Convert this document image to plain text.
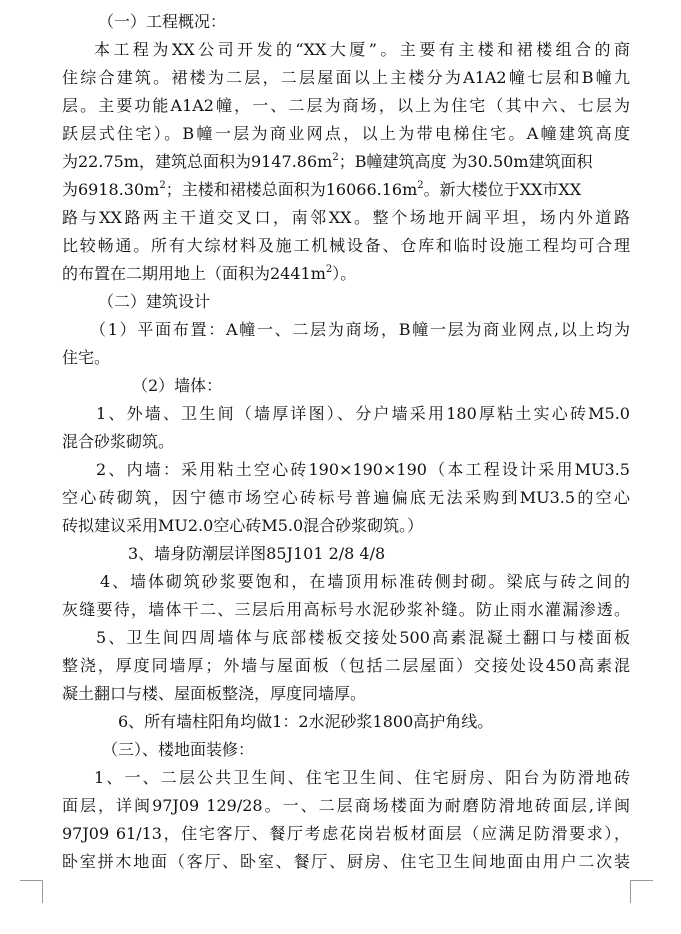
（一）工程概况：
本工程为XX公司开发的“XX大厦”。主要有主楼和裙楼组合的商
住综合建筑。裙楼为二层，二层屋面以上主楼分为A1A2幢七层和B幢九
层。主要功能A1A2幢，一、二层为商场，以上为住宅（其中六、七层为
跃层式住宅）。B幢一层为商业网点，以上为带电梯住宅。A幢建筑高度
为22.75m，建筑总面积为$9147.86m^2$；B幢建筑高度 为30.50m建筑面积
为$6918.30m^2$；主楼和裙楼总面积为$16066.16m^2$。新大楼位于XX市XX
路与XX路两主干道交叉口，南邻XX。整个场地开阔平坦，场内外道路
比较畅通。所有大综材料及施工机械设备、仓库和临时设施工程均可合理
的布置在二期用地上（面积为$2441m^2$）。
（二）建筑设计
（1）平面布置：A幢一、二层为商场，B幢一层为商业网点,以上均为
住宅。
（2）墙体：
1、外墙、卫生间（墙厚详图）、分户墙采用180厚粘土实心砖M5.0
混合砂浆砌筑。
2、内墙：采用粘土空心砖190×190×190（本工程设计采用MU3.5
空心砖砌筑，因宁德市场空心砖标号普遍偏底无法采购到MU3.5的空心
砖拟建议采用MU2.0空心砖M5.0混合砂浆砌筑。）
3、墙身防潮层详图85J101 2/8 4/8
4、墙体砌筑砂浆要饱和，在墙顶用标准砖侧封砌。梁底与砖之间的
灰缝要待，墙体干二、三层后用高标号水泥砂浆补缝。防止雨水灌漏渗透。
5、卫生间四周墙体与底部楼板交接处500高素混凝土翻口与楼面板
整浇，厚度同墙厚；外墙与屋面板（包括二层屋面）交接处设450高素混
凝土翻口与楼、屋面板整浇，厚度同墙厚。
6、所有墙柱阳角均做1：2水泥砂浆1800高护角线。
（三）、楼地面装修：
1、一、二层公共卫生间、住宅卫生间、住宅厨房、阳台为防滑地砖
面层，详闽97J09 129/28。一、二层商场楼面为耐磨防滑地砖面层,详闽
97J09 61/13，住宅客厅、餐厅考虑花岗岩板材面层（应满足防滑要求），
卧室拼木地面（客厅、卧室、餐厅、厨房、住宅卫生间地面由用户二次装
